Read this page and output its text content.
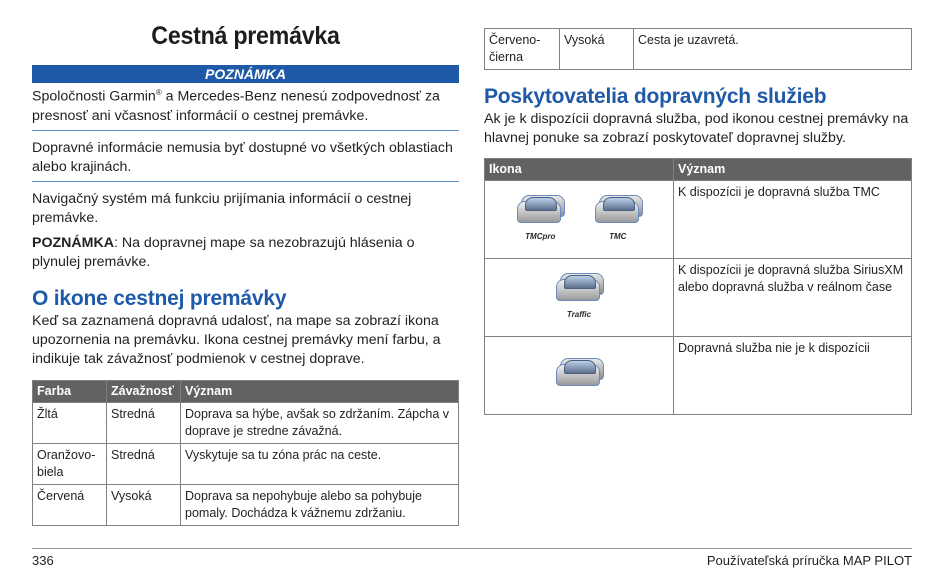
Cestná premávka
POZNÁMKA

Spoločnosti Garmin® a Mercedes-Benz nenesú zodpovednosť za presnosť ani včasnosť informácií o cestnej premávke.

Dopravné informácie nemusia byť dostupné vo všetkých oblastiach alebo krajinách.

Navigačný systém má funkciu prijímania informácií o cestnej premávke.

POZNÁMKA: Na dopravnej mape sa nezobrazujú hlásenia o plynulej premávke.

O ikone cestnej premávky

Keď sa zaznamená dopravná udalosť, na mape sa zobrazí ikona upozornenia na premávku. Ikona cestnej premávky mení farbu, a indikuje tak závažnosť podmienok v cestnej doprave.

Farba	Závažnosť	Význam
Žltá	Stredná	Doprava sa hýbe, avšak so zdržaním. Zápcha v doprave je stredne závažná.
Oranžovo-biela	Stredná	Vyskytuje sa tu zóna prác na ceste.
Červená	Vysoká	Doprava sa nepohybuje alebo sa pohybuje pomaly. Dochádza k vážnemu zdržaniu.
Červeno-čierna	Vysoká	Cesta je uzavretá.
Poskytovatelia dopravných služieb

Ak je k dispozícii dopravná služba, pod ikonou cestnej premávky na hlavnej ponuke sa zobrazí poskytovateľ dopravnej služby.

Ikona	Význam

TMCpro
TMC	K dispozícii je dopravná služba TMC

Traffic	K dispozícii je dopravná služba SiriusXM alebo dopravná služba v reálnom čase

	Dopravná služba nie je k dispozícii
336	Používateľská príručka MAP PILOT
